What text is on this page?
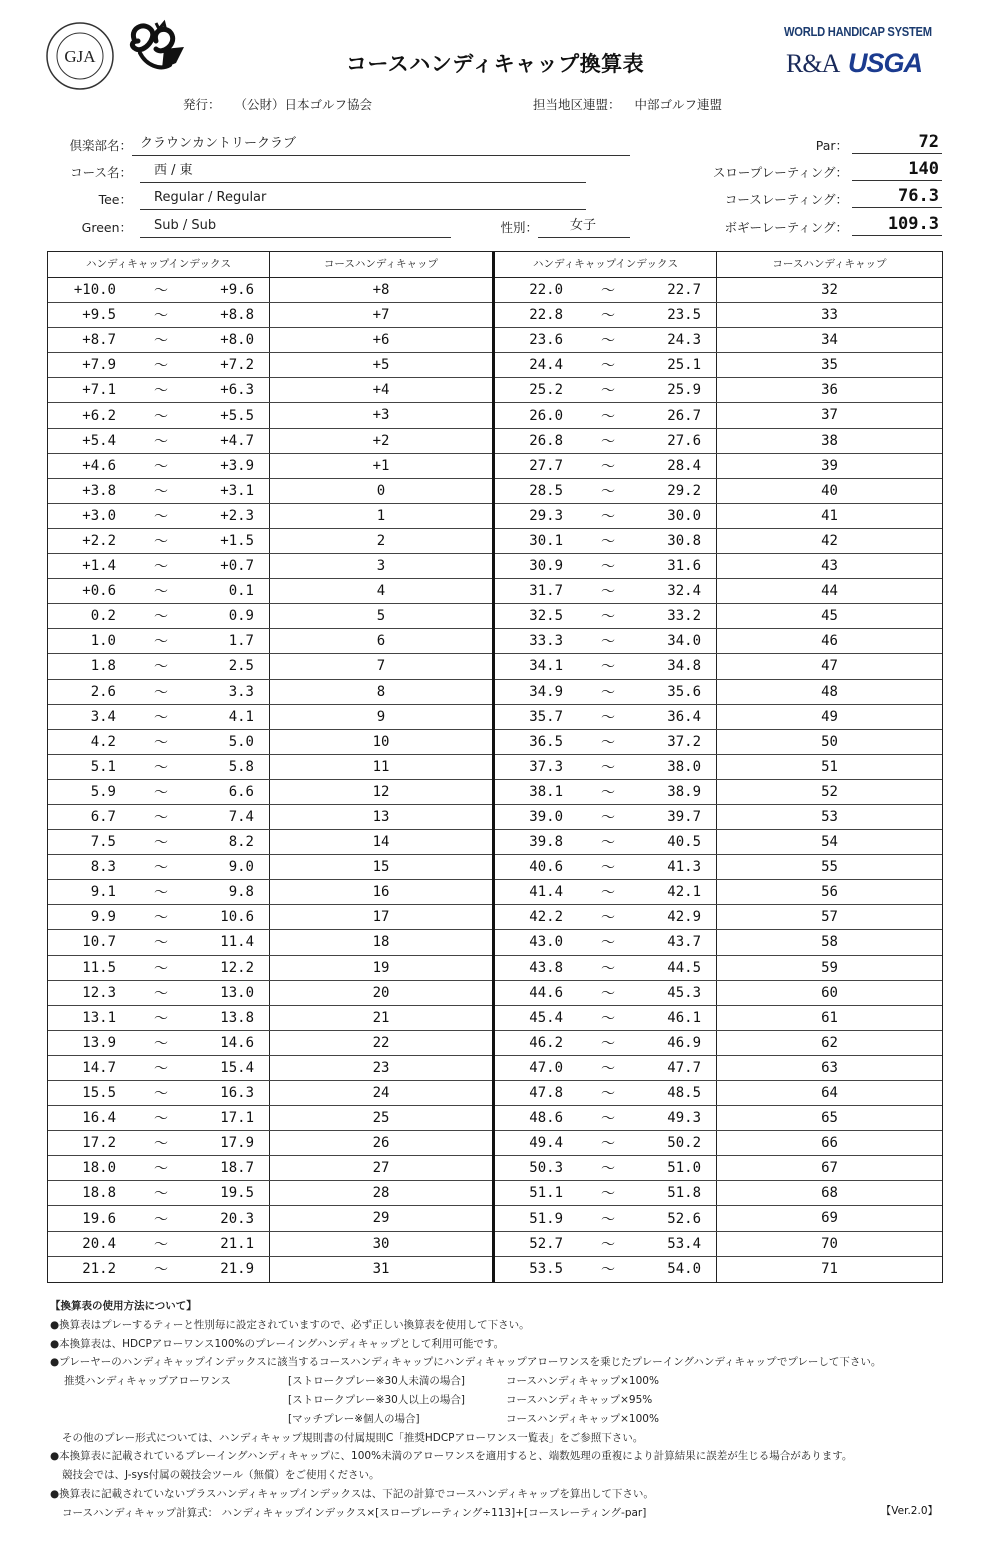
GJA	コースハンディキャップ換算表
WORLD HANDICAP SYSTEM
R&A USGA
発行： （公財）日本ゴルフ協会	担当地区連盟： 中部ゴルフ連盟
倶楽部名： クラウンカントリークラブ
コース名：	西 / 東
Tee：	Regular / Regular
Green：	Sub / Sub	性別：	女子
Par：	72
スロープレーティング：	140
コースレーティング：	76.3
ボギーレーティング：	109.3
ハンディキャップインデックス	コースハンディキャップ
+10.0	～	+9.6	+8
+9.5	～	+8.8	+7
+8.7	～	+8.0	+6
+7.9	～	+7.2	+5
+7.1	～	+6.3	+4
+6.2	～	+5.5	+3
+5.4	～	+4.7	+2
+4.6	～	+3.9	+1
+3.8	～	+3.1	0
+3.0	～	+2.3	1
+2.2	～	+1.5	2
+1.4	～	+0.7	3
+0.6	～	0.1	4
0.2	～	0.9	5
1.0	～	1.7	6
1.8	～	2.5	7
2.6	～	3.3	8
3.4	～	4.1	9
4.2	～	5.0	10
5.1	～	5.8	11
5.9	～	6.6	12
6.7	～	7.4	13
7.5	～	8.2	14
8.3	～	9.0	15
9.1	～	9.8	16
9.9	～	10.6	17
10.7	～	11.4	18
11.5	～	12.2	19
12.3	～	13.0	20
13.1	～	13.8	21
13.9	～	14.6	22
14.7	～	15.4	23
15.5	～	16.3	24
16.4	～	17.1	25
17.2	～	17.9	26
18.0	～	18.7	27
18.8	～	19.5	28
19.6	～	20.3	29
20.4	～	21.1	30
21.2	～	21.9	31
ハンディキャップインデックス	コースハンディキャップ
22.0	～	22.7	32
22.8	～	23.5	33
23.6	～	24.3	34
24.4	～	25.1	35
25.2	～	25.9	36
26.0	～	26.7	37
26.8	～	27.6	38
27.7	～	28.4	39
28.5	～	29.2	40
29.3	～	30.0	41
30.1	～	30.8	42
30.9	～	31.6	43
31.7	～	32.4	44
32.5	～	33.2	45
33.3	～	34.0	46
34.1	～	34.8	47
34.9	～	35.6	48
35.7	～	36.4	49
36.5	～	37.2	50
37.3	～	38.0	51
38.1	～	38.9	52
39.0	～	39.7	53
39.8	～	40.5	54
40.6	～	41.3	55
41.4	～	42.1	56
42.2	～	42.9	57
43.0	～	43.7	58
43.8	～	44.5	59
44.6	～	45.3	60
45.4	～	46.1	61
46.2	～	46.9	62
47.0	～	47.7	63
47.8	～	48.5	64
48.6	～	49.3	65
49.4	～	50.2	66
50.3	～	51.0	67
51.1	～	51.8	68
51.9	～	52.6	69
52.7	～	53.4	70
53.5	～	54.0	71
【換算表の使用方法について】
●換算表はプレーするティーと性別毎に設定されていますので、必ず正しい換算表を使用して下さい。
●本換算表は、HDCPアローワンス100%のプレーイングハンディキャップとして利用可能です。
●プレーヤーのハンディキャップインデックスに該当するコースハンディキャップにハンディキャップアローワンスを乗じたプレーイングハンディキャップでプレーして下さい。
推奨ハンディキャップアローワンス	[ストロークプレー※30人未満の場合]	コースハンディキャップ×100%
[ストロークプレー※30人以上の場合]	コースハンディキャップ×95%
[マッチプレー※個人の場合]	コースハンディキャップ×100%
その他のプレー形式については、ハンディキャップ規則書の付属規則C「推奨HDCPアローワンス一覧表」をご参照下さい。
●本換算表に記載されているプレーイングハンディキャップに、100%未満のアローワンスを適用すると、端数処理の重複により計算結果に誤差が生じる場合があります。
競技会では、J-sys付属の競技会ツール（無償）をご使用ください。
●換算表に記載されていないプラスハンディキャップインデックスは、下記の計算でコースハンディキャップを算出して下さい。
コースハンディキャップ計算式： ハンディキャップインデックス×[スロープレーティング÷113]+[コースレーティング-par]	【Ver.2.0】
